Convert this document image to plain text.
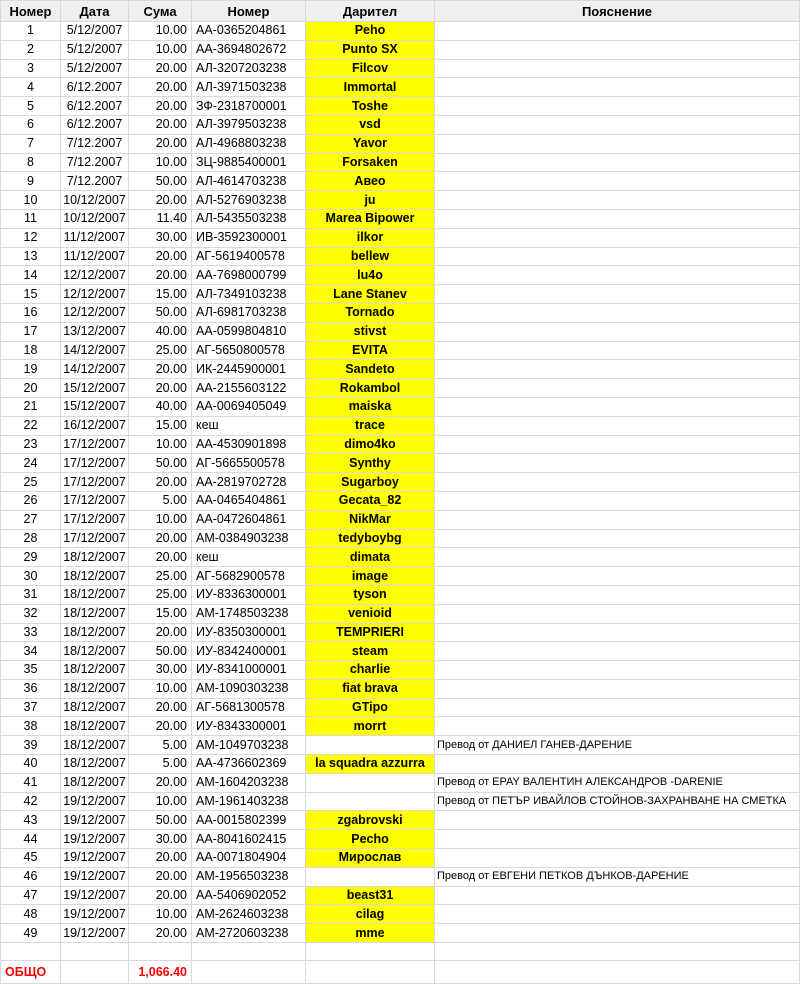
Номер	Дата	Сума	Номер	Дарител	Пояснение
1	5/12/2007	10.00	АА-0365204861	Peho	
2	5/12/2007	10.00	АА-3694802672	Punto SX	
3	5/12/2007	20.00	АЛ-3207203238	Filcov	
4	6/12.2007	20.00	АЛ-3971503238	Immortal	
5	6/12.2007	20.00	ЗФ-2318700001	Toshe	
6	6/12.2007	20.00	АЛ-3979503238	vsd	
7	7/12.2007	20.00	АЛ-4968803238	Yavor	
8	7/12.2007	10.00	ЗЦ-9885400001	Forsaken	
9	7/12.2007	50.00	АЛ-4614703238	Авео	
10	10/12/2007	20.00	АЛ-5276903238	ju	
11	10/12/2007	11.40	АЛ-5435503238	Marea Bipower	
12	11/12/2007	30.00	ИВ-3592300001	ilkor	
13	11/12/2007	20.00	АГ-5619400578	bellew	
14	12/12/2007	20.00	АА-7698000799	lu4o	
15	12/12/2007	15.00	АЛ-7349103238	Lane Stanev	
16	12/12/2007	50.00	АЛ-6981703238	Tornado	
17	13/12/2007	40.00	АА-0599804810	stivst	
18	14/12/2007	25.00	АГ-5650800578	EVITA	
19	14/12/2007	20.00	ИК-2445900001	Sandeto	
20	15/12/2007	20.00	АА-2155603122	Rokambol	
21	15/12/2007	40.00	АА-0069405049	maiska	
22	16/12/2007	15.00	кеш	trace	
23	17/12/2007	10.00	АА-4530901898	dimo4ko	
24	17/12/2007	50.00	АГ-5665500578	Synthy	
25	17/12/2007	20.00	АА-2819702728	Sugarboy	
26	17/12/2007	5.00	АА-0465404861	Gecata_82	
27	17/12/2007	10.00	АА-0472604861	NikMar	
28	17/12/2007	20.00	АМ-0384903238	tedyboybg	
29	18/12/2007	20.00	кеш	dimata	
30	18/12/2007	25.00	АГ-5682900578	image	
31	18/12/2007	25.00	ИУ-8336300001	tyson	
32	18/12/2007	15.00	АМ-1748503238	venioid	
33	18/12/2007	20.00	ИУ-8350300001	TEMPRIERI	
34	18/12/2007	50.00	ИУ-8342400001	steam	
35	18/12/2007	30.00	ИУ-8341000001	charlie	
36	18/12/2007	10.00	АМ-1090303238	fiat brava	
37	18/12/2007	20.00	АГ-5681300578	GTipo	
38	18/12/2007	20.00	ИУ-8343300001	morrt	
39	18/12/2007	5.00	АМ-1049703238		Превод от ДАНИЕЛ ГАНЕВ-ДАРЕНИЕ
40	18/12/2007	5.00	АА-4736602369	la squadra azzurra	
41	18/12/2007	20.00	АМ-1604203238		Превод от EPAY ВАЛЕНТИН АЛЕКСАНДРОВ -DARENIE
42	19/12/2007	10.00	АМ-1961403238		Превод от ПЕТЪР ИВАЙЛОВ СТОЙНОВ-ЗАХРАНВАНЕ НА СМЕТКА
43	19/12/2007	50.00	АА-0015802399	zgabrovski	
44	19/12/2007	30.00	АА-8041602415	Pecho	
45	19/12/2007	20.00	АА-0071804904	Мирослав	
46	19/12/2007	20.00	АМ-1956503238		Превод от ЕВГЕНИ ПЕТКОВ ДЪНКОВ-ДАРЕНИЕ
47	19/12/2007	20.00	АА-5406902052	beast31	
48	19/12/2007	10.00	АМ-2624603238	cilag	
49	19/12/2007	20.00	АМ-2720603238	mme	

ОБЩО		1,066.40			
